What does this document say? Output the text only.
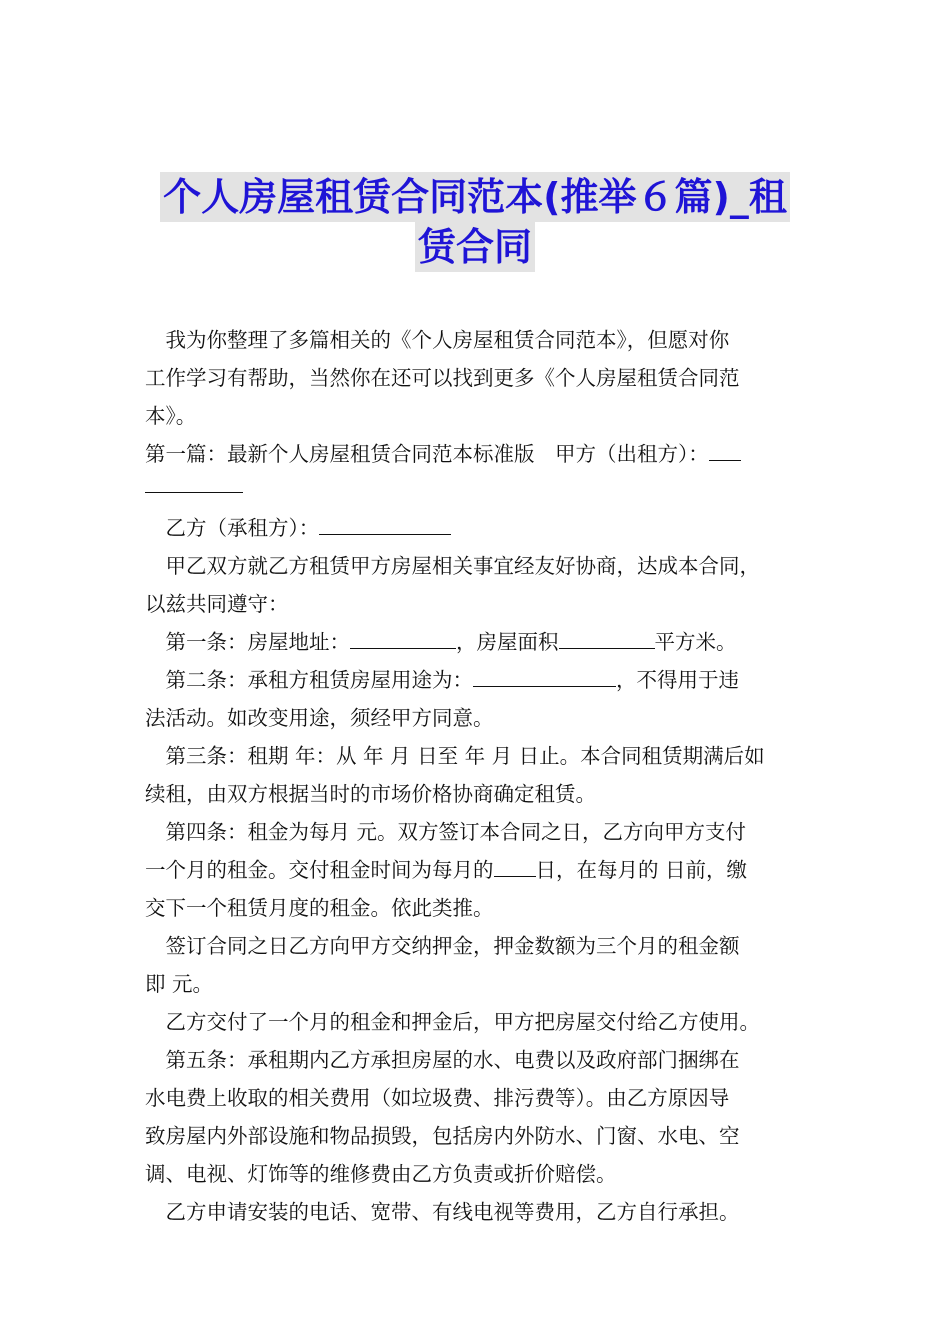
个人房屋租赁合同范本(推举６篇)_租
赁合同

　我为你整理了多篇相关的《个人房屋租赁合同范本》，但愿对你

工作学习有帮助，当然你在还可以找到更多《个人房屋租赁合同范

本》。

第一篇：最新个人房屋租赁合同范本标准版　甲方（出租方）：

　乙方（承租方）：

　甲乙双方就乙方租赁甲方房屋相关事宜经友好协商，达成本合同，

以兹共同遵守：

　第一条：房屋地址：	，房屋面积	平方米。

　第二条：承租方租赁房屋用途为：	，不得用于违

法活动。如改变用途，须经甲方同意。

　第三条：租期 年：从 年 月 日至 年 月 日止。本合同租赁期满后如

续租，由双方根据当时的市场价格协商确定租赁。

　第四条：租金为每月 元。双方签订本合同之日，乙方向甲方支付

一个月的租金。交付租金时间为每月的 日，在每月的 日前，缴

交下一个租赁月度的租金。依此类推。

　签订合同之日乙方向甲方交纳押金，押金数额为三个月的租金额

即 元。

　乙方交付了一个月的租金和押金后，甲方把房屋交付给乙方使用。

　第五条：承租期内乙方承担房屋的水、电费以及政府部门捆绑在

水电费上收取的相关费用（如垃圾费、排污费等）。由乙方原因导

致房屋内外部设施和物品损毁，包括房内外防水、门窗、水电、空

调、电视、灯饰等的维修费由乙方负责或折价赔偿。

　乙方申请安装的电话、宽带、有线电视等费用，乙方自行承担。
